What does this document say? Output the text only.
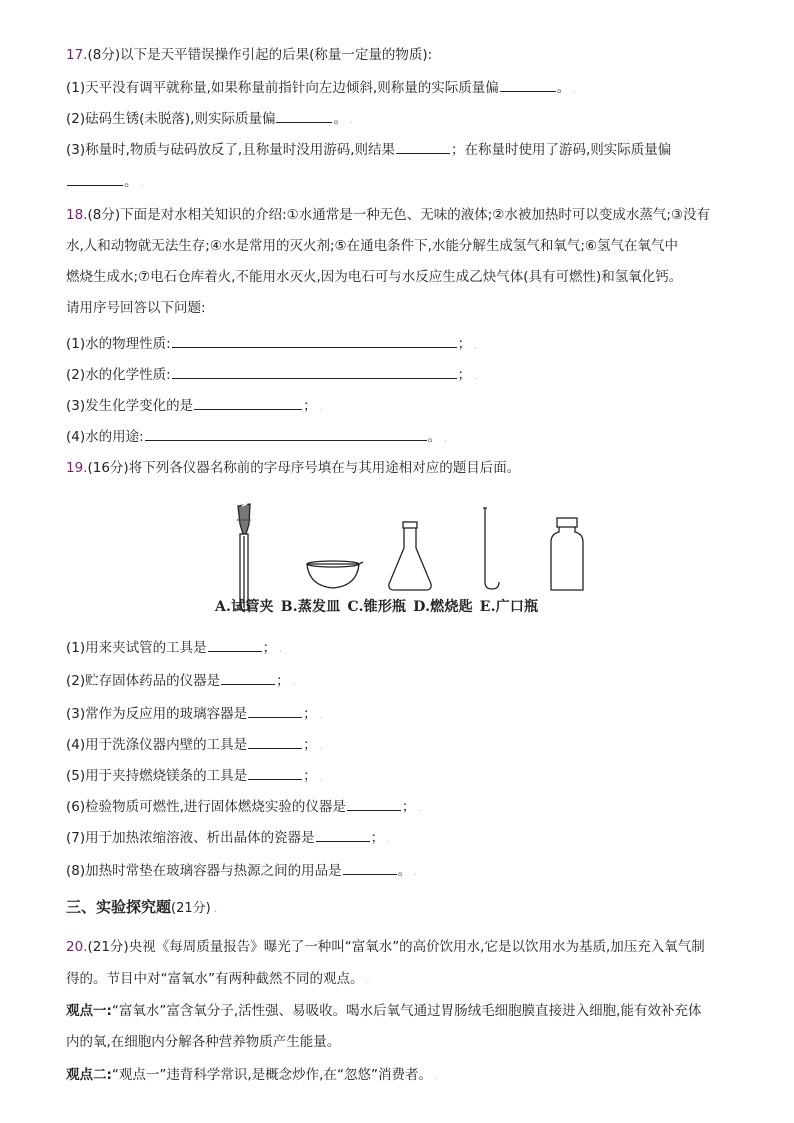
17.(8分)以下是天平错误操作引起的后果(称量一定量的物质):
(1)天平没有调平就称量,如果称量前指针向左边倾斜,则称量的实际质量偏	。 .
(2)砝码生锈(未脱落),则实际质量偏	。 .
(3)称量时,物质与砝码放反了,且称量时没用游码,则结果	；在称量时使用了游码,则实际质量偏
。 .
18.(8分)下面是对水相关知识的介绍:①水通常是一种无色、无味的液体;②水被加热时可以变成水蒸气;③没有
水,人和动物就无法生存;④水是常用的灭火剂;⑤在通电条件下,水能分解生成氢气和氧气;⑥氢气在氧气中
燃烧生成水;⑦电石仓库着火,不能用水灭火,因为电石可与水反应生成乙炔气体(具有可燃性)和氢氧化钙。
请用序号回答以下问题:
(1)水的物理性质:	； .
(2)水的化学性质:	； .
(3)发生化学变化的是	； .
(4)水的用途:	。 .
19.(16分)将下列各仪器名称前的字母序号填在与其用途相对应的题目后面。
A.试管夹 B.蒸发皿 C.锥形瓶 D.燃烧匙 E.广口瓶
(1)用来夹试管的工具是	； .
(2)贮存固体药品的仪器是	； .
(3)常作为反应用的玻璃容器是	； .
(4)用于洗涤仪器内壁的工具是	； .
(5)用于夹持燃烧镁条的工具是	； .
(6)检验物质可燃性,进行固体燃烧实验的仪器是	； .
(7)用于加热浓缩溶液、析出晶体的瓷器是	； .
(8)加热时常垫在玻璃容器与热源之间的用品是	。 .
三、实验探究题(21分) .
20.(21分)央视《每周质量报告》曝光了一种叫“富氧水”的高价饮用水,它是以饮用水为基质,加压充入氧气制
得的。节目中对“富氧水”有两种截然不同的观点。 .
观点一:“富氧水”富含氧分子,活性强、易吸收。喝水后氧气通过胃肠绒毛细胞膜直接进入细胞,能有效补充体
内的氧,在细胞内分解各种营养物质产生能量。
观点二:“观点一”违背科学常识,是概念炒作,在“忽悠”消费者。 .
